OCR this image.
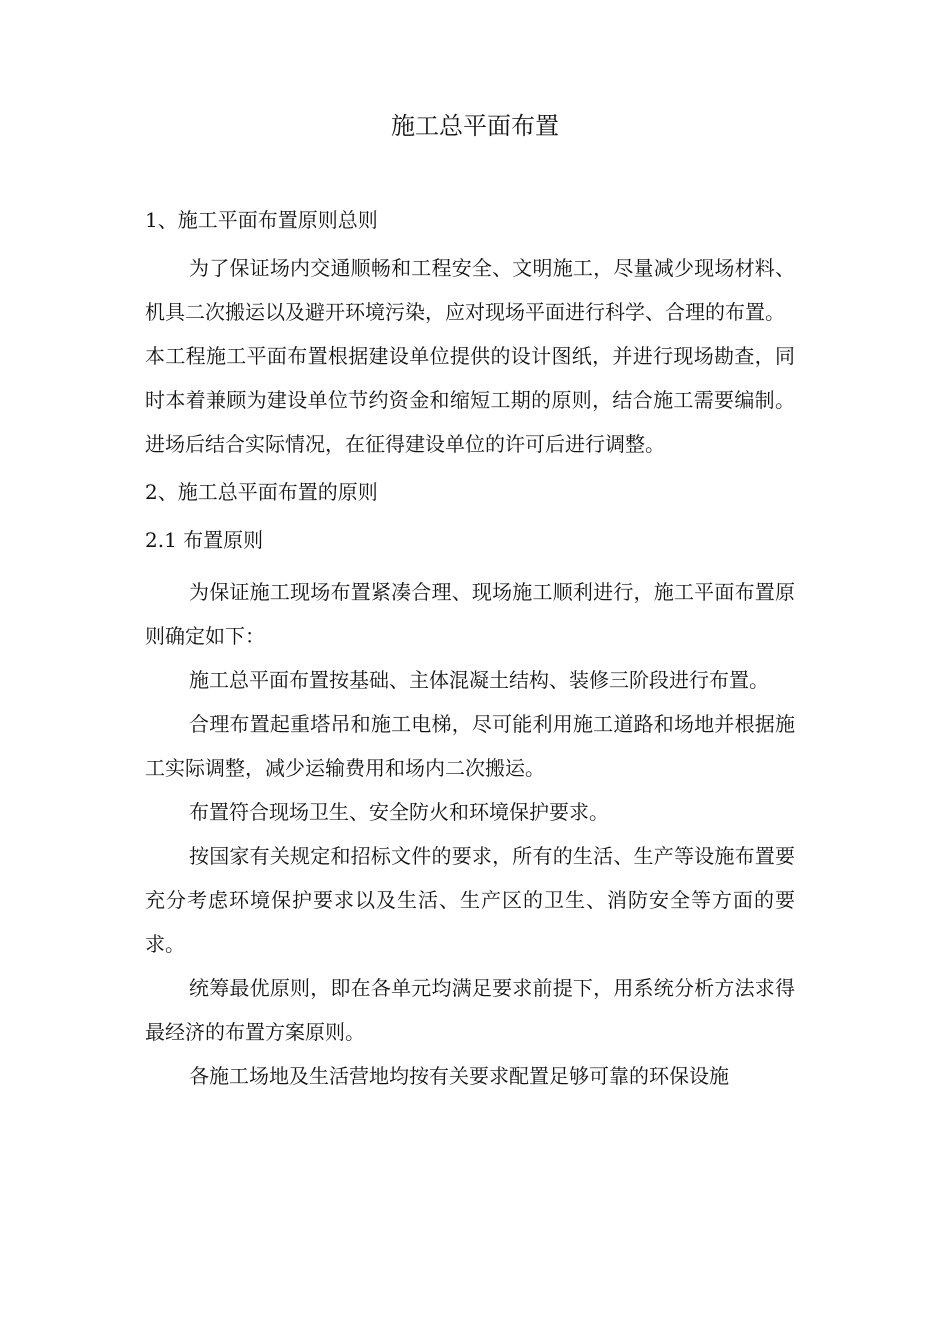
施工总平面布置
1、施工平面布置原则总则

为了保证场内交通顺畅和工程安全、文明施工，尽量减少现场材料、机具二次搬运以及避开环境污染，应对现场平面进行科学、合理的布置。

本工程施工平面布置根据建设单位提供的设计图纸，并进行现场勘查，同时本着兼顾为建设单位节约资金和缩短工期的原则，结合施工需要编制。进场后结合实际情况，在征得建设单位的许可后进行调整。

2、施工总平面布置的原则
2.1 布置原则

为保证施工现场布置紧凑合理、现场施工顺利进行，施工平面布置原则确定如下：

施工总平面布置按基础、主体混凝土结构、装修三阶段进行布置。

合理布置起重塔吊和施工电梯，尽可能利用施工道路和场地并根据施工实际调整，减少运输费用和场内二次搬运。

布置符合现场卫生、安全防火和环境保护要求。

按国家有关规定和招标文件的要求，所有的生活、生产等设施布置要充分考虑环境保护要求以及生活、生产区的卫生、消防安全等方面的要求。

统筹最优原则，即在各单元均满足要求前提下，用系统分析方法求得最经济的布置方案原则。

各施工场地及生活营地均按有关要求配置足够可靠的环保设施
